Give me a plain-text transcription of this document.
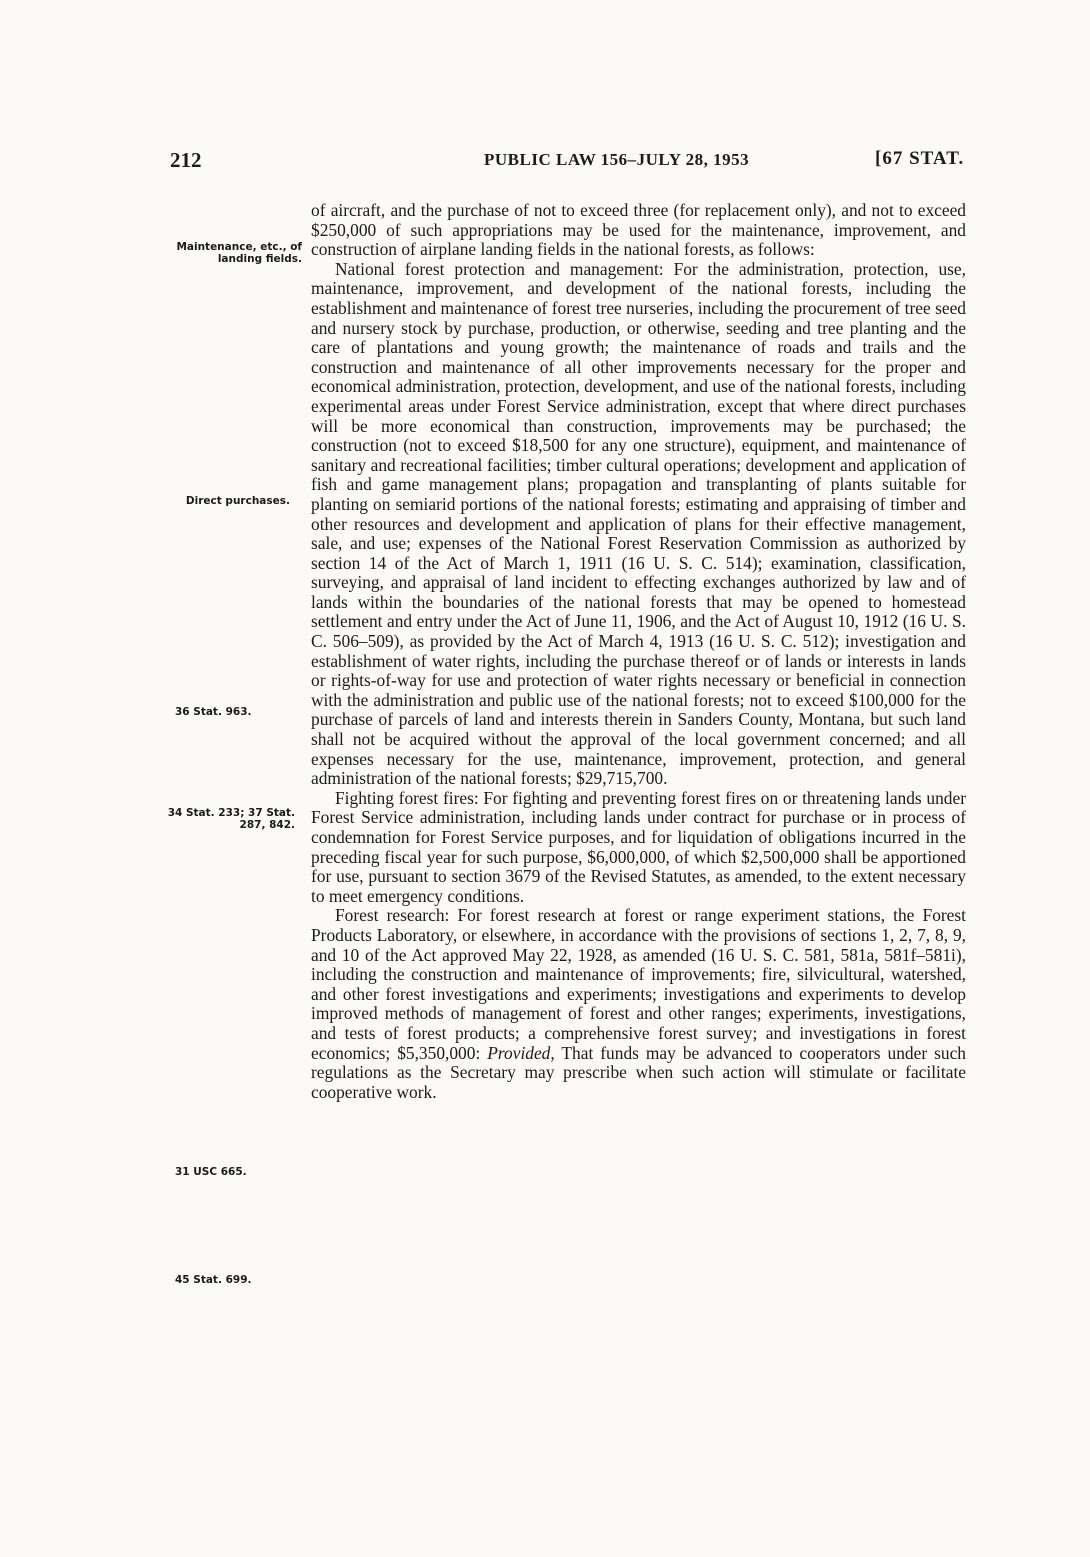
212	PUBLIC LAW 156–JULY 28, 1953	[67 STAT.
Maintenance, etc., of landing fields.
Direct purchases.
36 Stat. 963.
34 Stat. 233; 37 Stat. 287, 842.
31 USC 665.
45 Stat. 699.

of aircraft, and the purchase of not to exceed three (for replacement only), and not to exceed $250,000 of such appropriations may be used for the maintenance, improvement, and construction of airplane landing fields in the national forests, as follows:

National forest protection and management: For the administration, protection, use, maintenance, improvement, and development of the national forests, including the establishment and maintenance of forest tree nurseries, including the procurement of tree seed and nursery stock by purchase, production, or otherwise, seeding and tree planting and the care of plantations and young growth; the maintenance of roads and trails and the construction and maintenance of all other improvements necessary for the proper and economical administration, protection, development, and use of the national forests, including experimental areas under Forest Service administration, except that where direct purchases will be more economical than construction, improvements may be purchased; the construction (not to exceed $18,500 for any one structure), equipment, and maintenance of sanitary and recreational facilities; timber cultural operations; development and application of fish and game management plans; propagation and transplanting of plants suitable for planting on semiarid portions of the national forests; estimating and appraising of timber and other resources and development and application of plans for their effective management, sale, and use; expenses of the National Forest Reservation Commission as authorized by section 14 of the Act of March 1, 1911 (16 U. S. C. 514); examination, classification, surveying, and appraisal of land incident to effecting exchanges authorized by law and of lands within the boundaries of the national forests that may be opened to homestead settlement and entry under the Act of June 11, 1906, and the Act of August 10, 1912 (16 U. S. C. 506–509), as provided by the Act of March 4, 1913 (16 U. S. C. 512); investigation and establishment of water rights, including the purchase thereof or of lands or interests in lands or rights-of-way for use and protection of water rights necessary or beneficial in connection with the administration and public use of the national forests; not to exceed $100,000 for the purchase of parcels of land and interests therein in Sanders County, Montana, but such land shall not be acquired without the approval of the local government concerned; and all expenses necessary for the use, maintenance, improvement, protection, and general administration of the national forests; $29,715,700.

Fighting forest fires: For fighting and preventing forest fires on or threatening lands under Forest Service administration, including lands under contract for purchase or in process of condemnation for Forest Service purposes, and for liquidation of obligations incurred in the preceding fiscal year for such purpose, $6,000,000, of which $2,500,000 shall be apportioned for use, pursuant to section 3679 of the Revised Statutes, as amended, to the extent necessary to meet emergency conditions.

Forest research: For forest research at forest or range experiment stations, the Forest Products Laboratory, or elsewhere, in accordance with the provisions of sections 1, 2, 7, 8, 9, and 10 of the Act approved May 22, 1928, as amended (16 U. S. C. 581, 581a, 581f–581i), including the construction and maintenance of improvements; fire, silvicultural, watershed, and other forest investigations and experiments; investigations and experiments to develop improved methods of management of forest and other ranges; experiments, investigations, and tests of forest products; a comprehensive forest survey; and investigations in forest economics; $5,350,000: Provided, That funds may be advanced to cooperators under such regulations as the Secretary may prescribe when such action will stimulate or facilitate cooperative work.
